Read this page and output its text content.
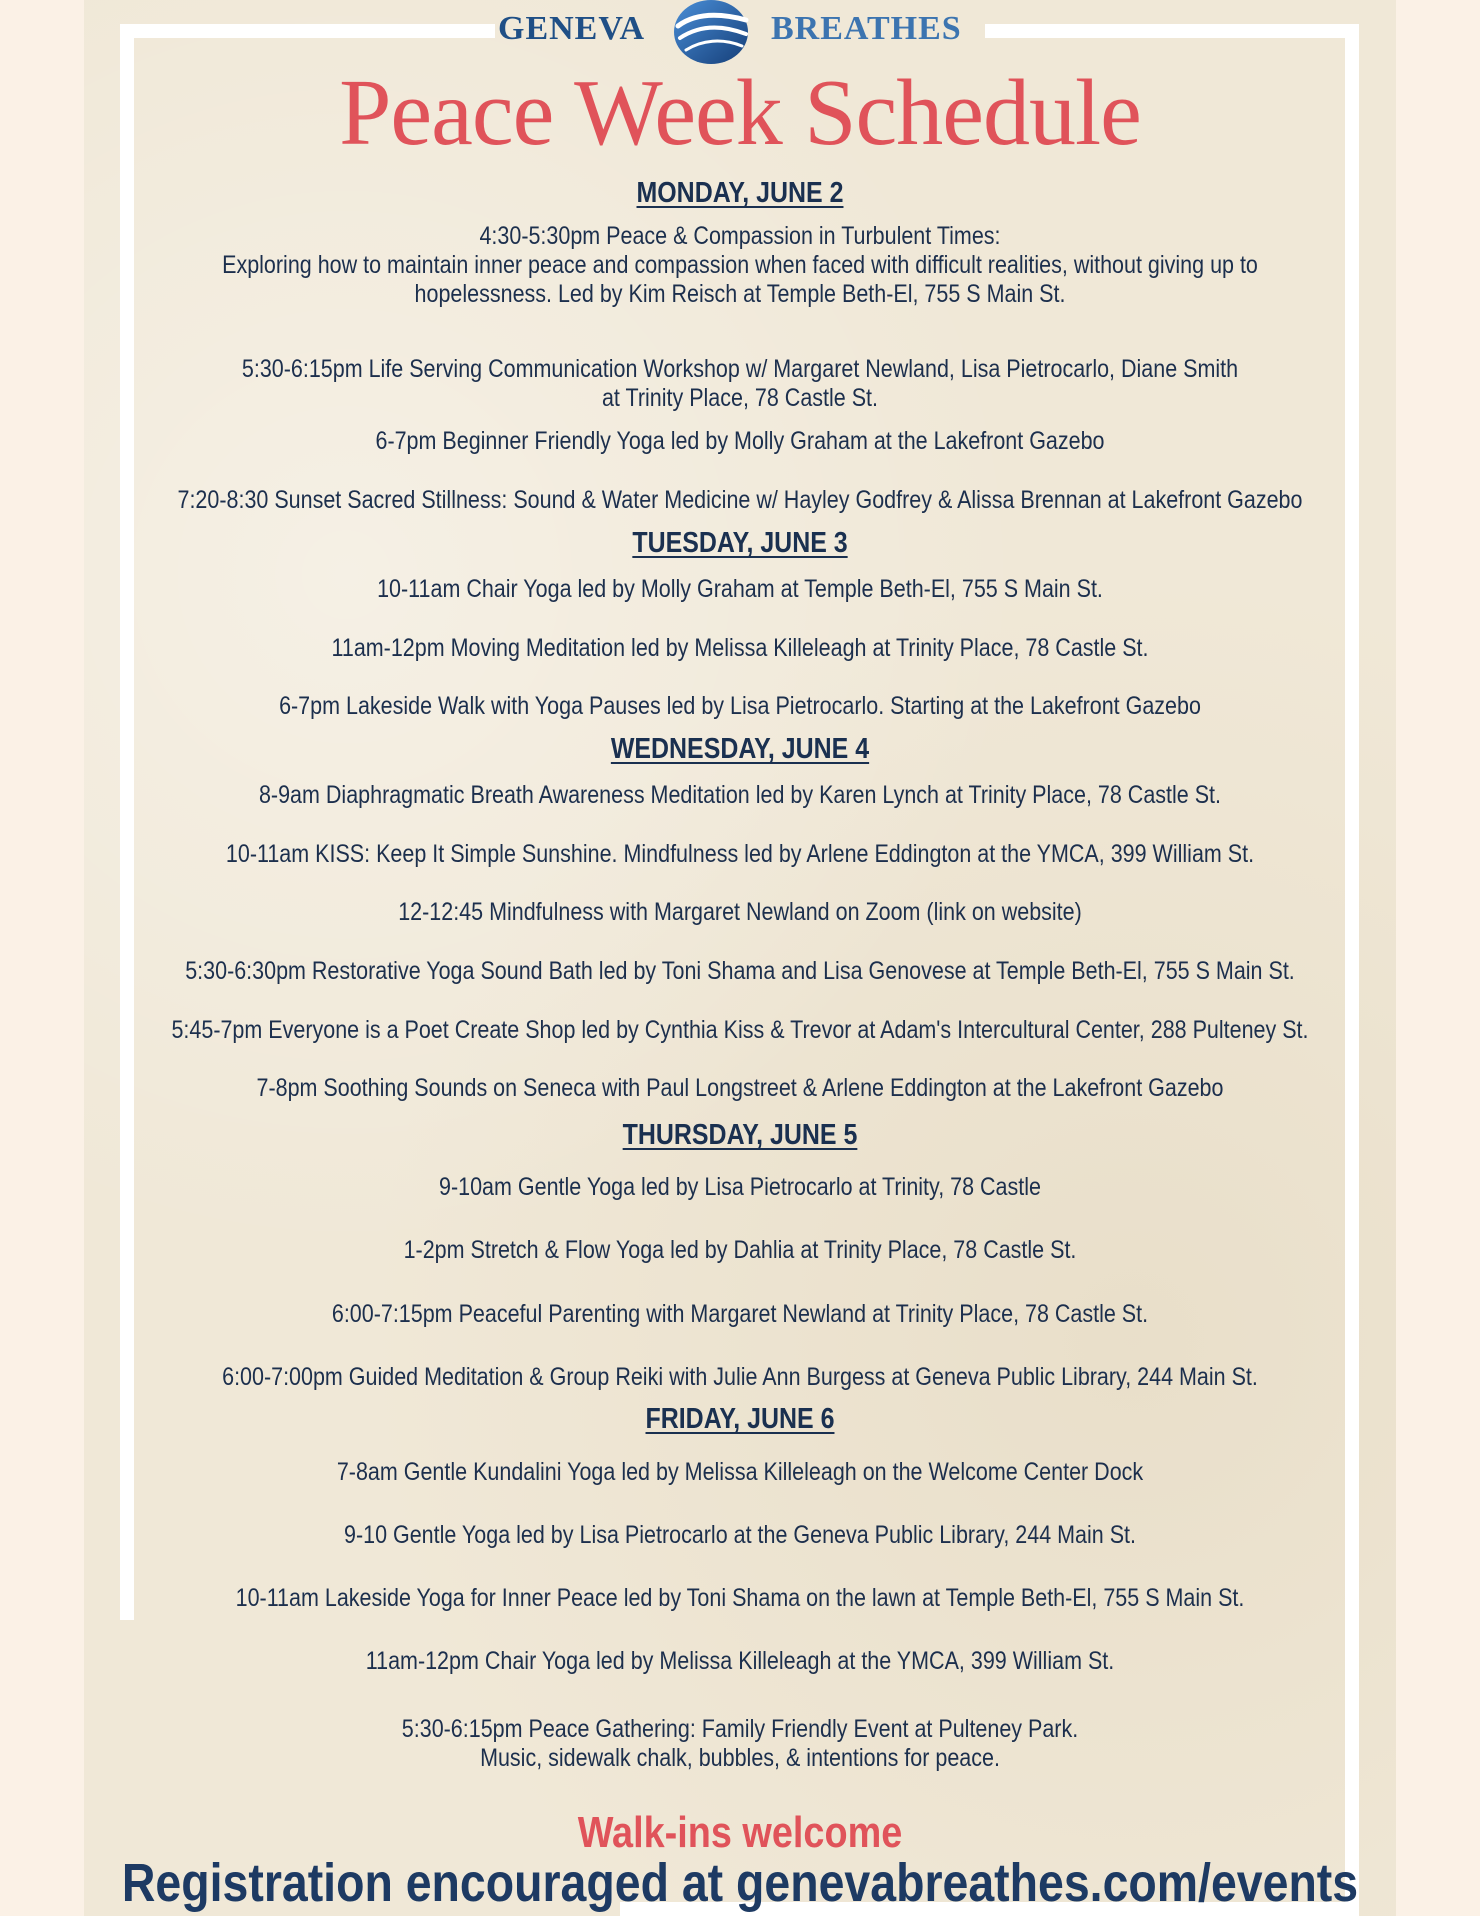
GENEVA	BREATHES
Peace Week Schedule
MONDAY, JUNE 2
4:30-5:30pm Peace & Compassion in Turbulent Times:
Exploring how to maintain inner peace and compassion when faced with difficult realities, without giving up to
hopelessness. Led by Kim Reisch at Temple Beth-El, 755 S Main St.
5:30-6:15pm Life Serving Communication Workshop w/ Margaret Newland, Lisa Pietrocarlo, Diane Smith
at Trinity Place, 78 Castle St.
6-7pm Beginner Friendly Yoga led by Molly Graham at the Lakefront Gazebo
7:20-8:30 Sunset Sacred Stillness: Sound & Water Medicine w/ Hayley Godfrey & Alissa Brennan at Lakefront Gazebo
TUESDAY, JUNE 3
10-11am Chair Yoga led by Molly Graham at Temple Beth-El, 755 S Main St.
11am-12pm Moving Meditation led by Melissa Killeleagh at Trinity Place, 78 Castle St.
6-7pm Lakeside Walk with Yoga Pauses led by Lisa Pietrocarlo. Starting at the Lakefront Gazebo
WEDNESDAY, JUNE 4
8-9am Diaphragmatic Breath Awareness Meditation led by Karen Lynch at Trinity Place, 78 Castle St.
10-11am KISS: Keep It Simple Sunshine. Mindfulness led by Arlene Eddington at the YMCA, 399 William St.
12-12:45 Mindfulness with Margaret Newland on Zoom (link on website)
5:30-6:30pm Restorative Yoga Sound Bath led by Toni Shama and Lisa Genovese at Temple Beth-El, 755 S Main St.
5:45-7pm Everyone is a Poet Create Shop led by Cynthia Kiss & Trevor at Adam's Intercultural Center, 288 Pulteney St.
7-8pm Soothing Sounds on Seneca with Paul Longstreet & Arlene Eddington at the Lakefront Gazebo
THURSDAY, JUNE 5
9-10am Gentle Yoga led by Lisa Pietrocarlo at Trinity, 78 Castle
1-2pm Stretch & Flow Yoga led by Dahlia at Trinity Place, 78 Castle St.
6:00-7:15pm Peaceful Parenting with Margaret Newland at Trinity Place, 78 Castle St.
6:00-7:00pm Guided Meditation & Group Reiki with Julie Ann Burgess at Geneva Public Library, 244 Main St.
FRIDAY, JUNE 6
7-8am Gentle Kundalini Yoga led by Melissa Killeleagh on the Welcome Center Dock
9-10 Gentle Yoga led by Lisa Pietrocarlo at the Geneva Public Library, 244 Main St.
10-11am Lakeside Yoga for Inner Peace led by Toni Shama on the lawn at Temple Beth-El, 755 S Main St.
11am-12pm Chair Yoga led by Melissa Killeleagh at the YMCA, 399 William St.
5:30-6:15pm Peace Gathering: Family Friendly Event at Pulteney Park.
Music, sidewalk chalk, bubbles, & intentions for peace.
Walk-ins welcome
Registration encouraged at genevabreathes.com/events
